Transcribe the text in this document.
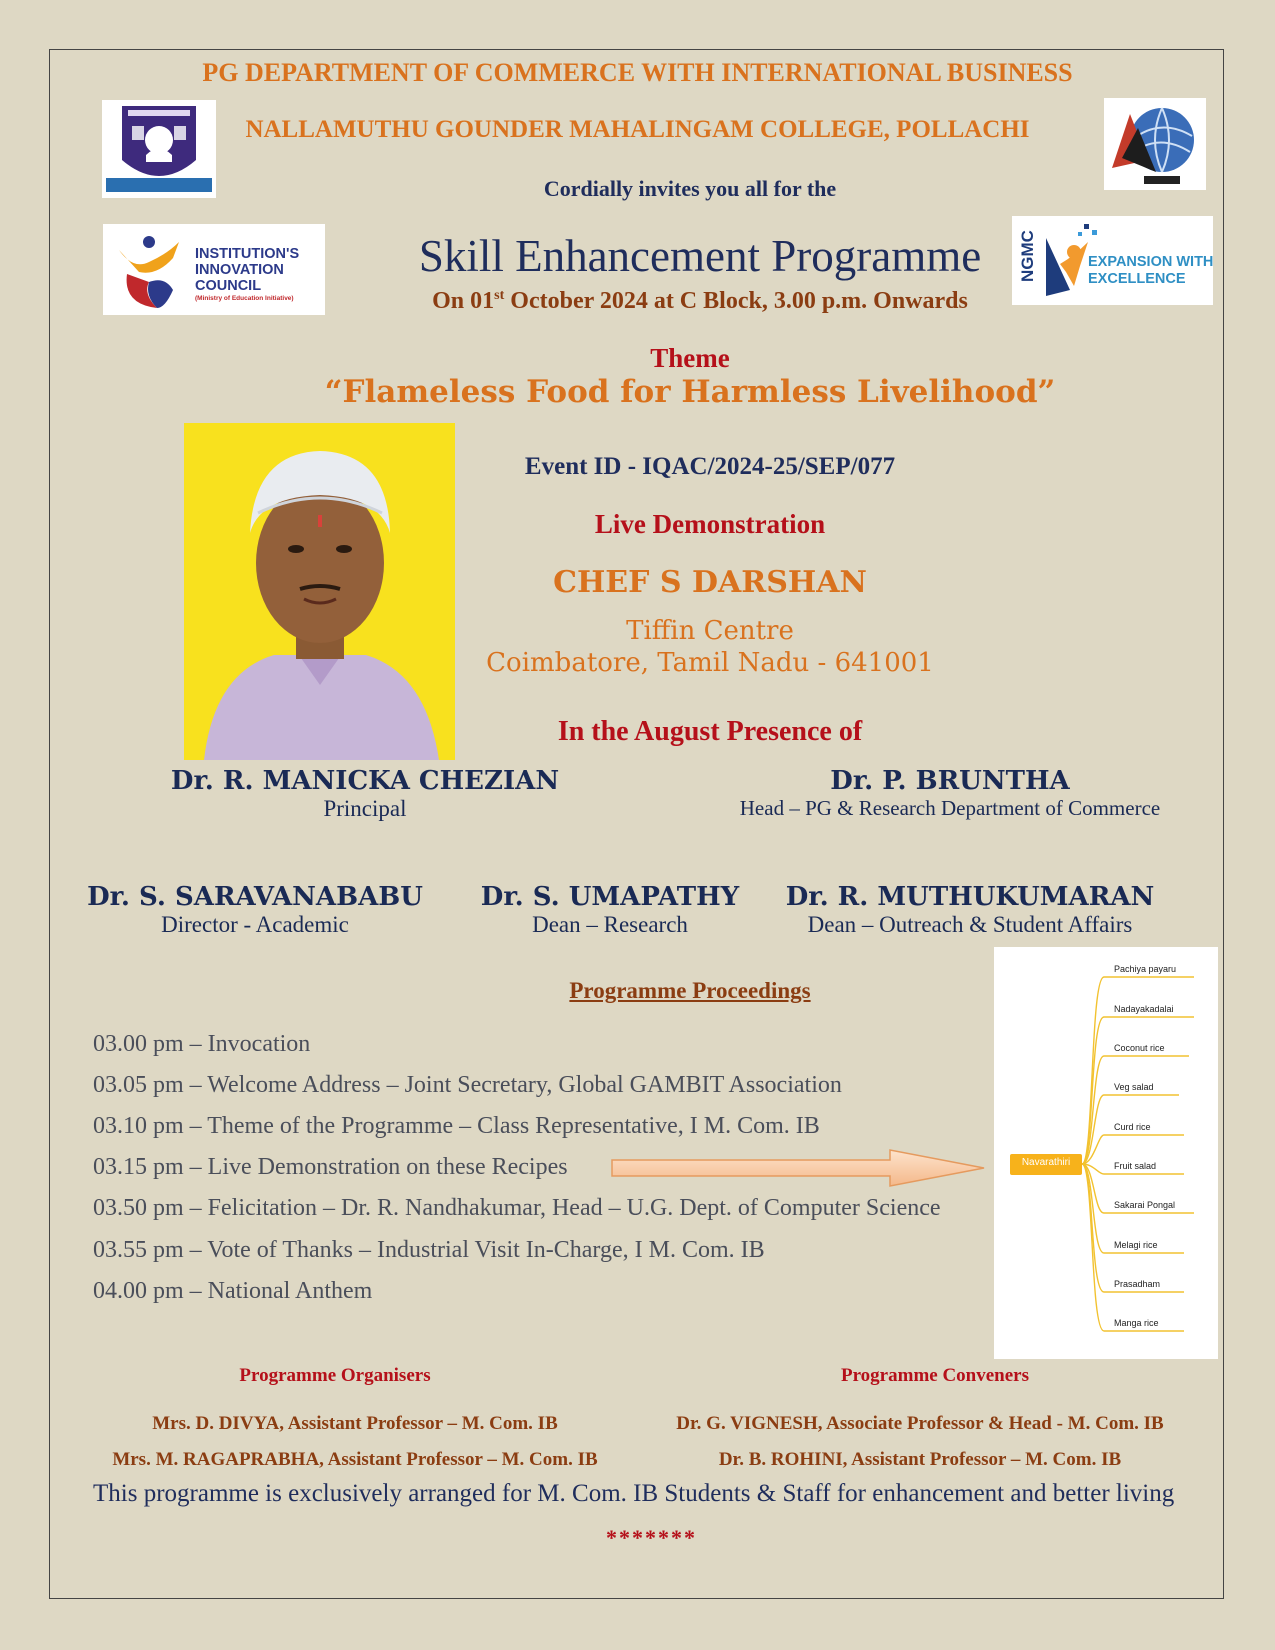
PG DEPARTMENT OF COMMERCE WITH INTERNATIONAL BUSINESS
NALLAMUTHU GOUNDER MAHALINGAM COLLEGE, POLLACHI
Cordially invites you all for the
INSTITUTION'S
INNOVATION
COUNCIL
(Ministry of Education Initiative)
Skill Enhancement Programme
On 01st October 2024 at C Block, 3.00 p.m. Onwards
NGMC	EXPANSION WITH
EXCELLENCE
Theme
“Flameless Food for Harmless Livelihood”
Event ID - IQAC/2024-25/SEP/077
Live Demonstration
CHEF S DARSHAN
Tiffin Centre
Coimbatore, Tamil Nadu - 641001
In the August Presence of
Dr. R. MANICKA CHEZIAN
Principal
Dr. P. BRUNTHA
Head – PG & Research Department of Commerce
Dr. S. SARAVANABABU
Director - Academic
Dr. S. UMAPATHY
Dean – Research
Dr. R. MUTHUKUMARAN
Dean – Outreach & Student Affairs
Programme Proceedings
03.00 pm – Invocation
03.05 pm – Welcome Address – Joint Secretary, Global GAMBIT Association
03.10 pm – Theme of the Programme – Class Representative, I M. Com. IB
03.15 pm – Live Demonstration on these Recipes
03.50 pm – Felicitation – Dr. R. Nandhakumar, Head – U.G. Dept. of Computer Science
03.55 pm – Vote of Thanks – Industrial Visit In-Charge, I M. Com. IB
04.00 pm – National Anthem
Navarathiri
Pachiya payaru
Nadayakadalai
Coconut rice
Veg salad
Curd rice
Fruit salad
Sakarai Pongal
Melagi rice
Prasadham
Manga rice
Programme Organisers	Programme Conveners
Mrs. D. DIVYA, Assistant Professor – M. Com. IB	Dr. G. VIGNESH, Associate Professor & Head - M. Com. IB
Mrs. M. RAGAPRABHA, Assistant Professor – M. Com. IB	Dr. B. ROHINI, Assistant Professor – M. Com. IB
This programme is exclusively arranged for M. Com. IB Students & Staff for enhancement and better living
*******
